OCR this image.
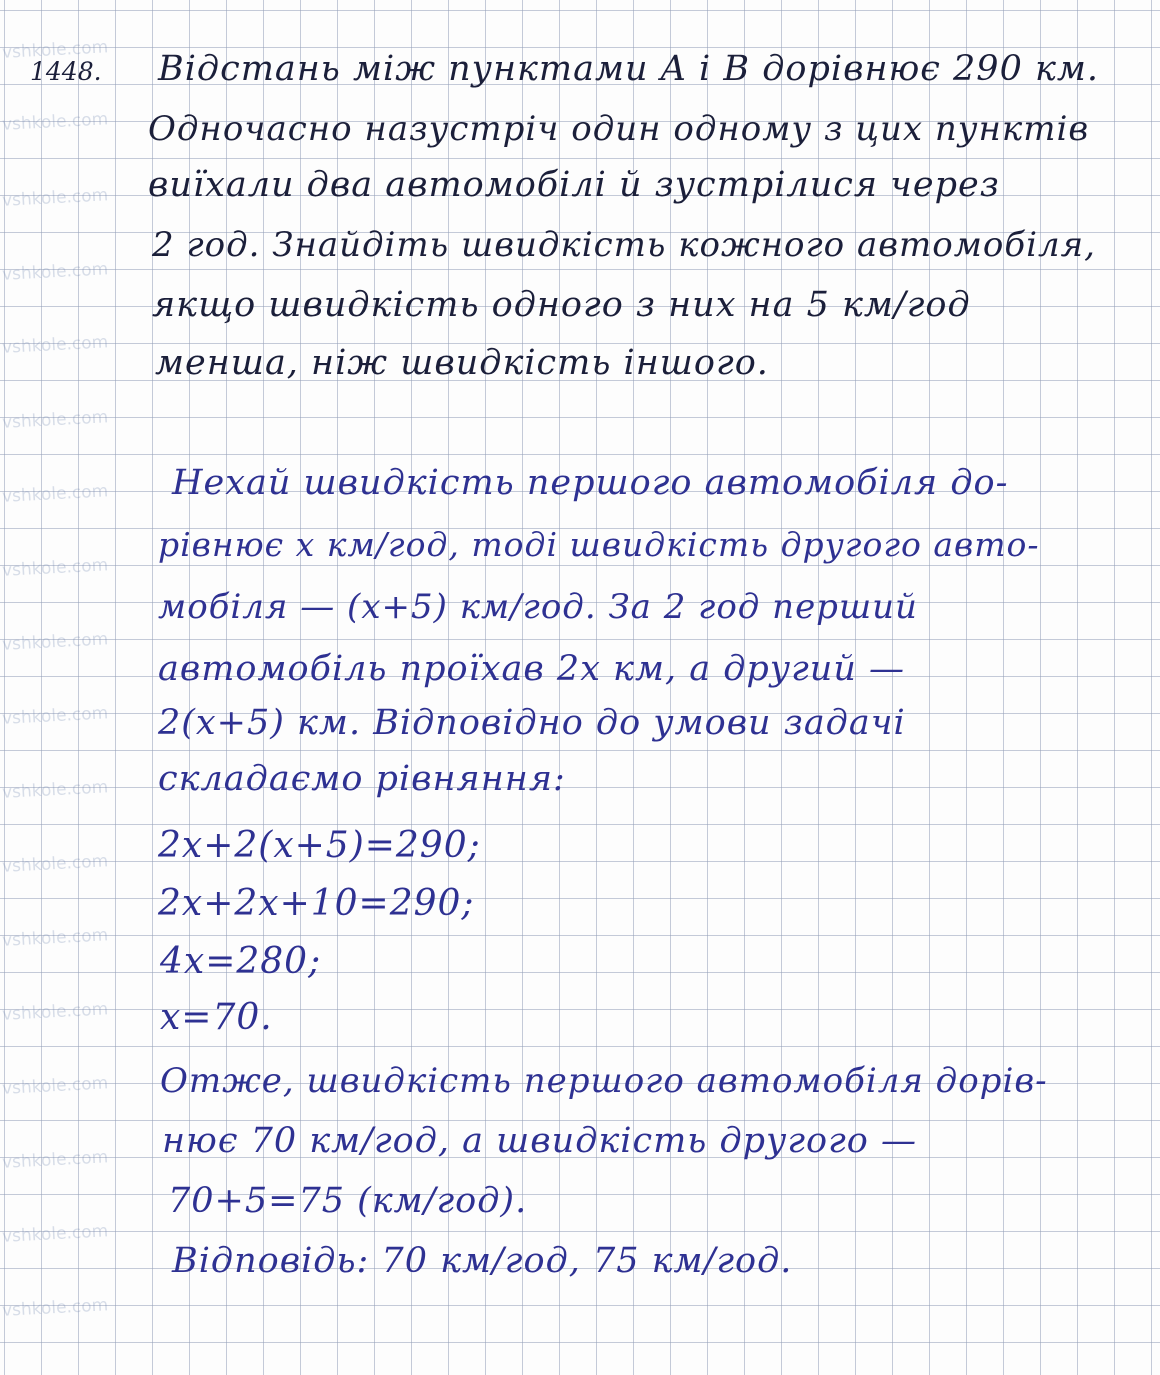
vshkole.com
vshkole.com
vshkole.com
vshkole.com
vshkole.com
vshkole.com
vshkole.com
vshkole.com
vshkole.com
vshkole.com
vshkole.com
vshkole.com
vshkole.com
vshkole.com
vshkole.com
vshkole.com
vshkole.com
vshkole.com
1448. Відстань між пунктами A і B дорівнює 290 км.
Одночасно назустріч один одному з цих пунктів
виїхали два автомобілі й зустрілися через
2 год. Знайдіть швидкість кожного автомобіля,
якщо швидкість одного з них на 5 км/год
менша, ніж швидкість іншого.
Нехай швидкість першого автомобіля до-
рівнює x км/год, тоді швидкість другого авто-
мобіля — (x+5) км/год. За 2 год перший
автомобіль проїхав 2x км, а другий —
2(x+5) км. Відповідно до умови задачі
складаємо рівняння:
2x+2(x+5)=290;
2x+2x+10=290;
4x=280;
x=70.
Отже, швидкість першого автомобіля дорів-
нює 70 км/год, а швидкість другого —
70+5=75 (км/год).
Відповідь: 70 км/год, 75 км/год.
